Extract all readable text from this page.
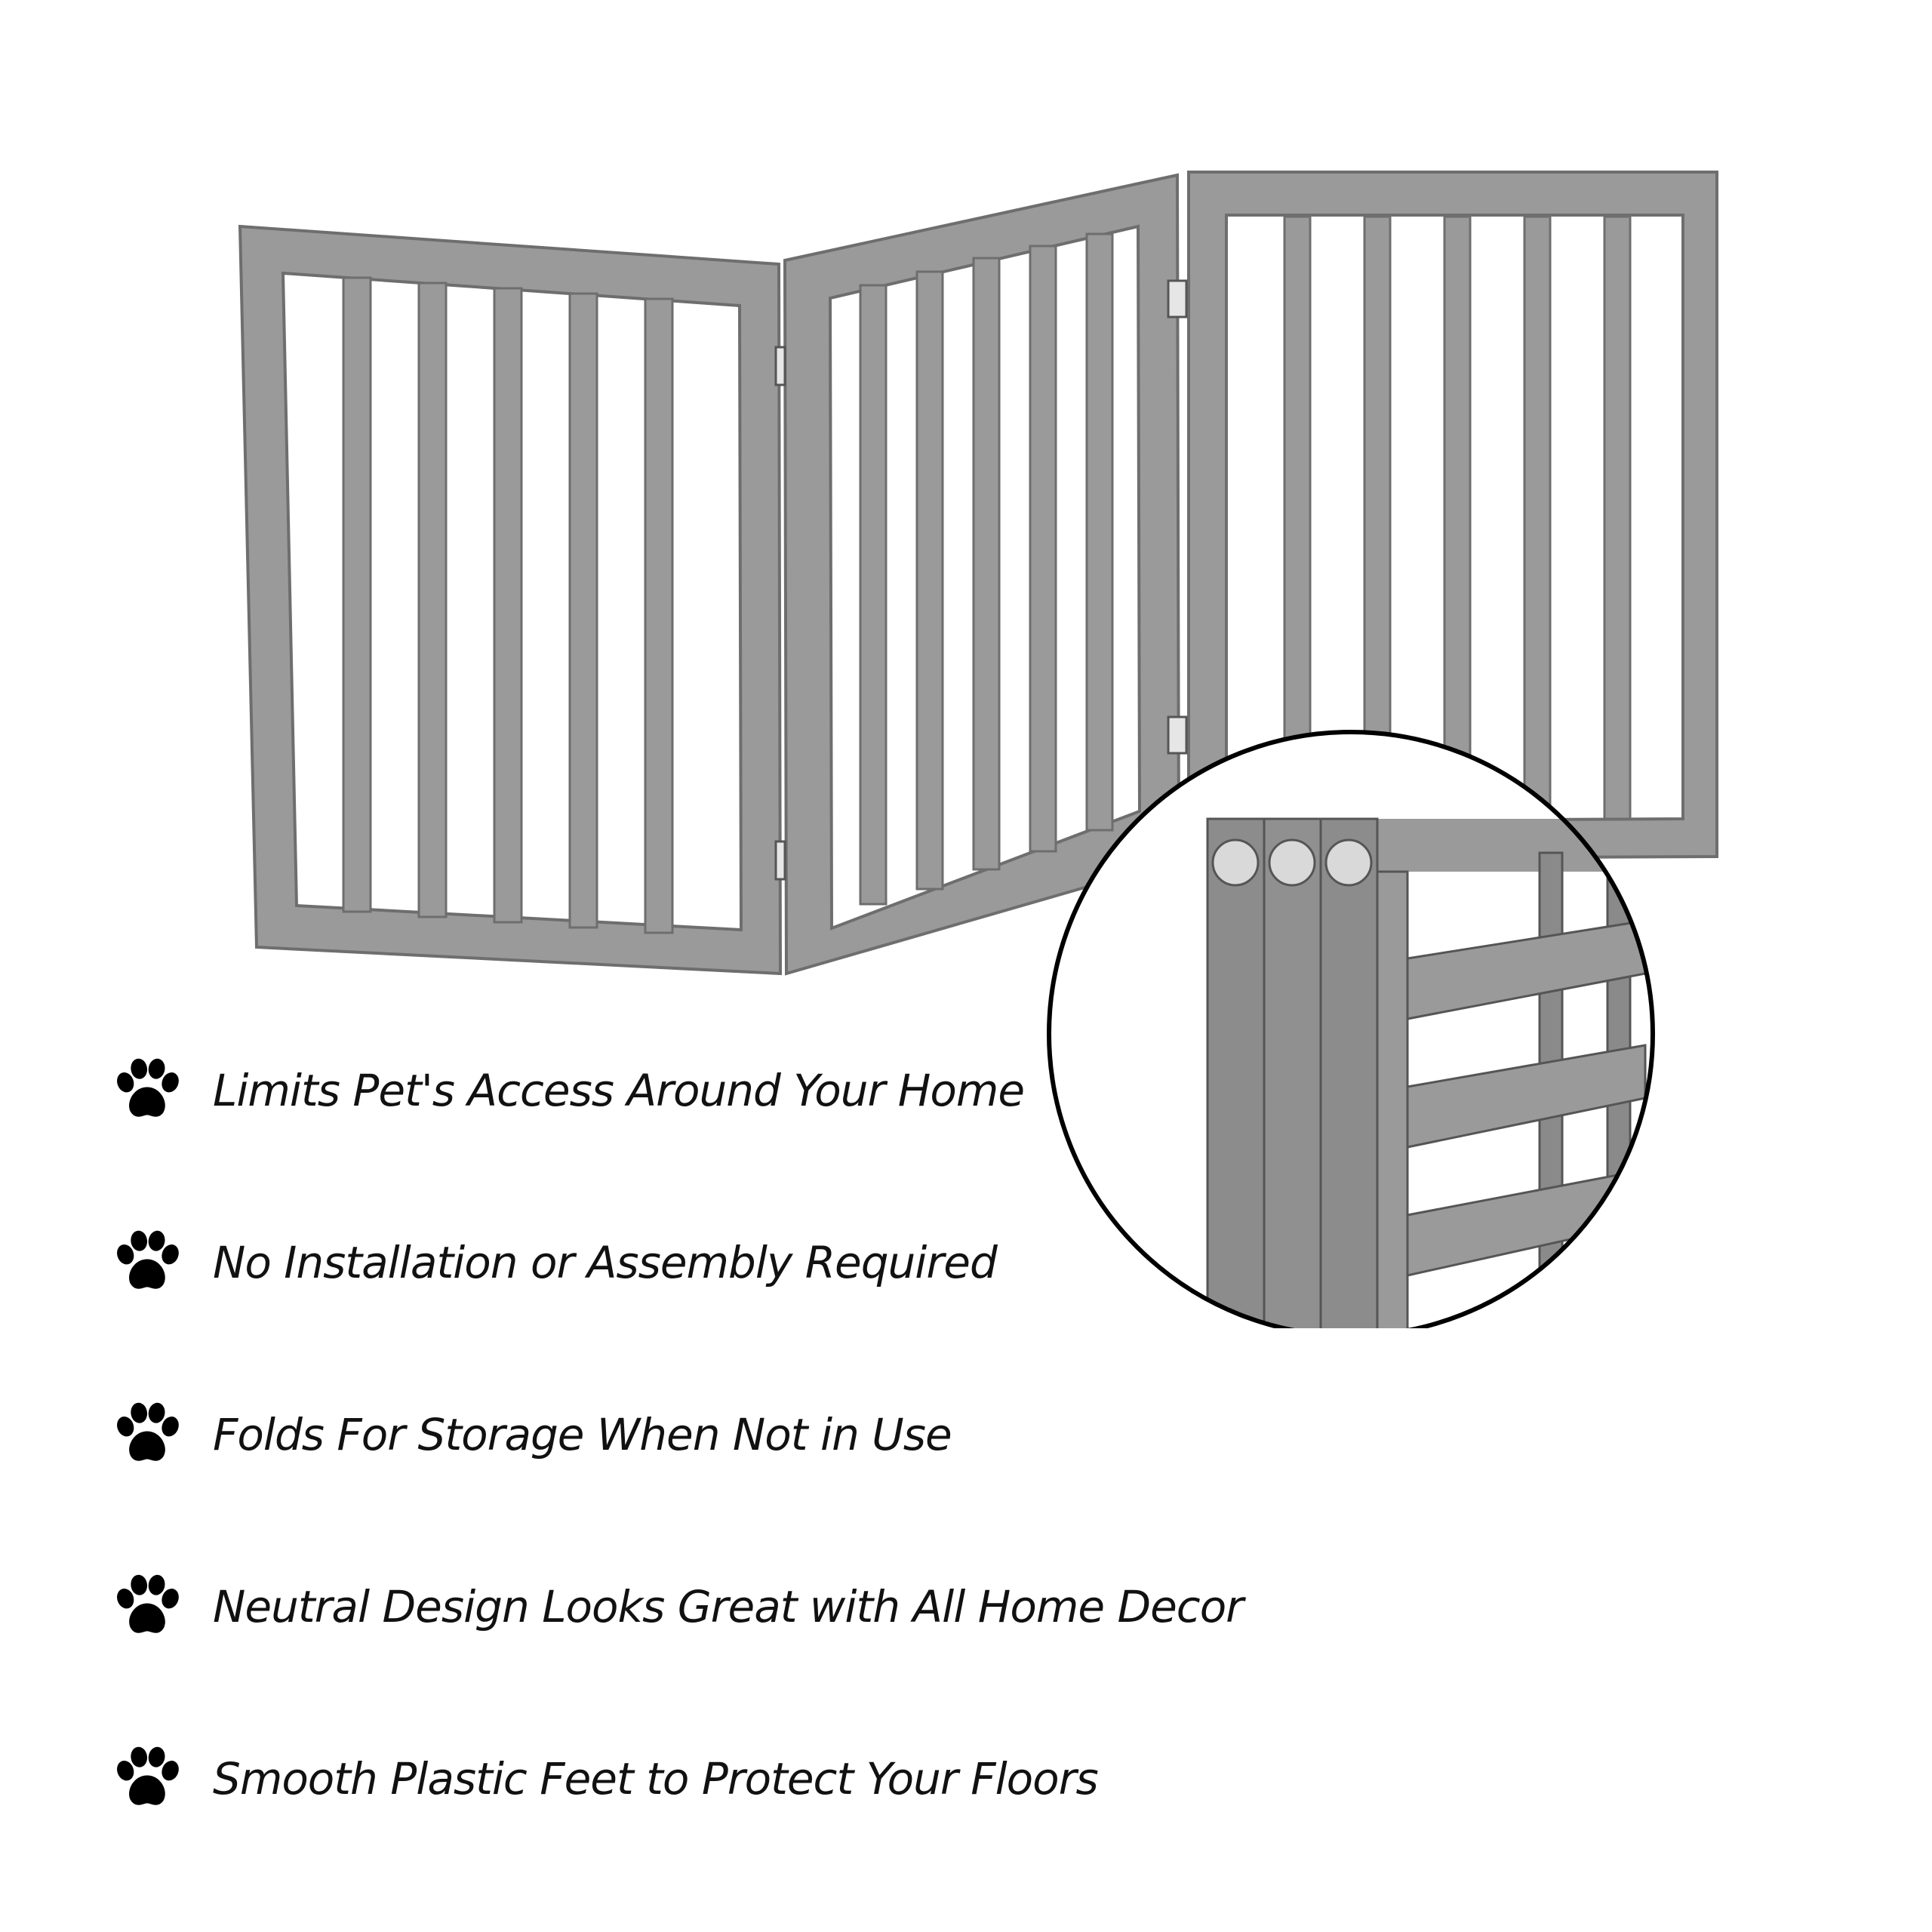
Limits Pet's Access Around Your Home
No Installation or Assembly Required
Folds For Storage When Not in Use
Neutral Design Looks Great with All Home Decor
Smooth Plastic Feet to Protect Your Floors
